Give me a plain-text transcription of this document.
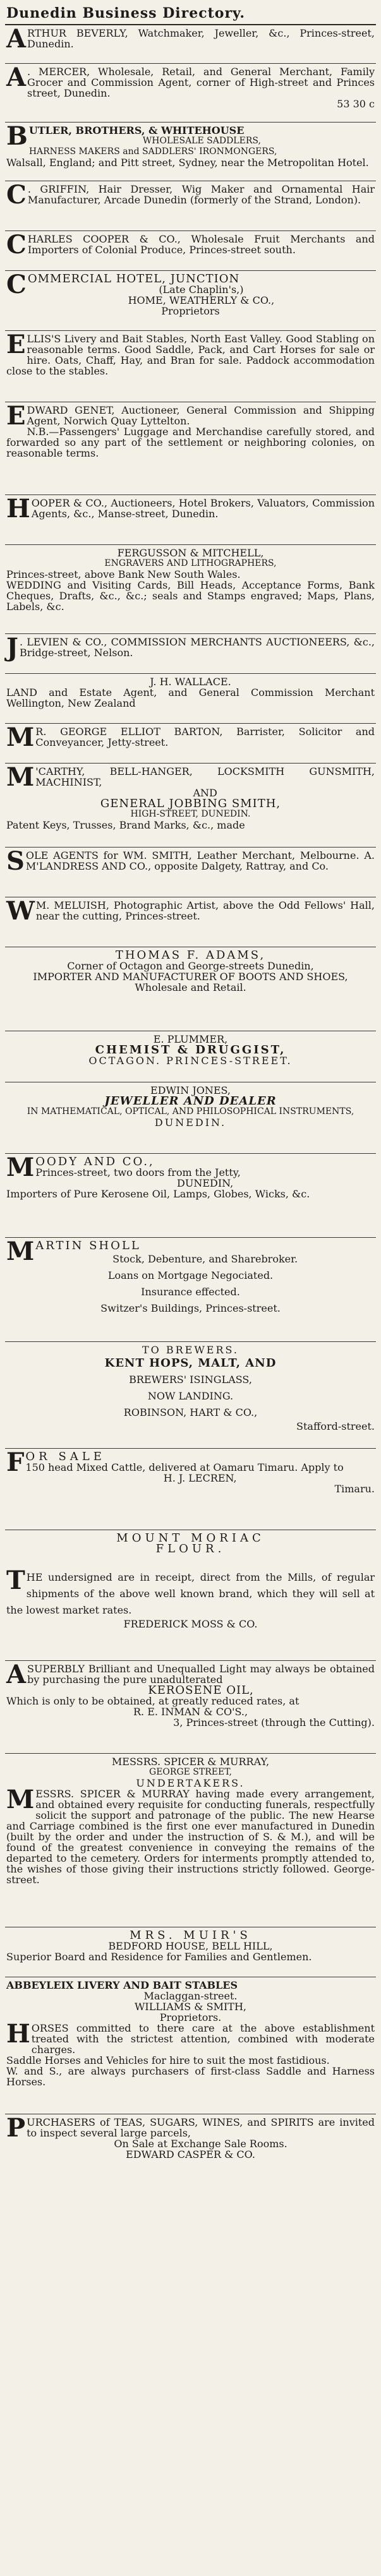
Dunedin Business Directory.
A RTHUR BEVERLY, Watchmaker, Jeweller, &c., Princes-street, Dunedin.

A . MERCER, Wholesale, Retail, and General Merchant, Family Grocer and Commission Agent, corner of High-street and Princes street, Dunedin.

53 30 c

B UTLER, BROTHERS, & WHITEHOUSE

WHOLESALE SADDLERS,

HARNESS MAKERS and SADDLERS' IRONMONGERS,

Walsall, England; and Pitt street, Sydney, near the Metropolitan Hotel.

C . GRIFFIN, Hair Dresser, Wig Maker and Ornamental Hair Manufacturer, Arcade Dunedin (formerly of the Strand, London).

C HARLES COOPER & CO., Wholesale Fruit Merchants and Importers of Colonial Produce, Princes-street south.

C OMMERCIAL HOTEL, JUNCTION

(Late Chaplin's,)

HOME, WEATHERLY & CO.,

Proprietors

E LLIS'S Livery and Bait Stables, North East Valley. Good Stabling on reasonable terms. Good Saddle, Pack, and Cart Horses for sale or hire. Oats, Chaff, Hay, and Bran for sale. Paddock accommodation close to the stables.

E DWARD GENET, Auctioneer, General Commission and Shipping Agent, Norwich Quay Lyttelton.

N.B.—Passengers' Luggage and Merchandise carefully stored, and forwarded so any part of the settlement or neighboring colonies, on reasonable terms.

H OOPER & CO., Auctioneers, Hotel Brokers, Valuators, Commission Agents, &c., Manse-street, Dunedin.

FERGUSSON & MITCHELL,

ENGRAVERS AND LITHOGRAPHERS,

Princes-street, above Bank New South Wales.

WEDDING and Visiting Cards, Bill Heads, Acceptance Forms, Bank Cheques, Drafts, &c., &c.; seals and Stamps engraved; Maps, Plans, Labels, &c.

J . LEVIEN & CO., COMMISSION MERCHANTS AUCTIONEERS, &c., Bridge-street, Nelson.

J. H. WALLACE.

LAND and Estate Agent, and General Commission Merchant Wellington, New Zealand

M R. GEORGE ELLIOT BARTON, Barrister, Solicitor and Conveyancer, Jetty-street.

M 'CARTHY, BELL-HANGER, LOCKSMITH GUNSMITH, MACHINIST,

AND

GENERAL JOBBING SMITH,

HIGH-STREET, DUNEDIN.

Patent Keys, Trusses, Brand Marks, &c., made

S OLE AGENTS for WM. SMITH, Leather Merchant, Melbourne. A. M'LANDRESS AND CO., opposite Dalgety, Rattray, and Co.

W M. MELUISH, Photographic Artist, above the Odd Fellows' Hall, near the cutting, Princes-street.

THOMAS F. ADAMS,

Corner of Octagon and George-streets Dunedin,

IMPORTER AND MANUFACTURER OF BOOTS AND SHOES,

Wholesale and Retail.

E. PLUMMER,

CHEMIST & DRUGGIST,

OCTAGON. PRINCES-STREET.

EDWIN JONES,

JEWELLER AND DEALER

IN MATHEMATICAL, OPTICAL, AND PHILOSOPHICAL INSTRUMENTS,

DUNEDIN.

M OODY AND CO.,

Princes-street, two doors from the Jetty,

DUNEDIN,

Importers of Pure Kerosene Oil, Lamps, Globes, Wicks, &c.

M ARTIN SHOLL

Stock, Debenture, and Sharebroker.

Loans on Mortgage Negociated.

Insurance effected.

Switzer's Buildings, Princes-street.

TO BREWERS.

KENT HOPS, MALT, AND

BREWERS' ISINGLASS,

NOW LANDING.

ROBINSON, HART & CO.,

Stafford-street.

F OR SALE

150 head Mixed Cattle, delivered at Oamaru Timaru. Apply to

H. J. LECREN,

Timaru.

MOUNT MORIAC

FLOUR.

T HE undersigned are in receipt, direct from the Mills, of regular shipments of the above well known brand, which they will sell at the lowest market rates.

FREDERICK MOSS & CO.

A SUPERBLY Brilliant and Unequalled Light may always be obtained by purchasing the pure unadulterated

KEROSENE OIL,

Which is only to be obtained, at greatly reduced rates, at

R. E. INMAN & CO'S.,

3, Princes-street (through the Cutting).

MESSRS. SPICER & MURRAY,

GEORGE STREET,

UNDERTAKERS.

M ESSRS. SPICER & MURRAY having made every arrangement, and obtained every requisite for conducting funerals, respectfully solicit the support and patronage of the public. The new Hearse and Carriage combined is the first one ever manufactured in Dunedin (built by the order and under the instruction of S. & M.), and will be found of the greatest convenience in conveying the remains of the departed to the cemetery. Orders for interments promptly attended to, the wishes of those giving their instructions strictly followed. George-street.

MRS. MUIR'S

BEDFORD HOUSE, BELL HILL,

Superior Board and Residence for Families and Gentlemen.

ABBEYLEIX LIVERY AND BAIT STABLES

Maclaggan-street.

WILLIAMS & SMITH,

Proprietors.

H ORSES committed to there care at the above establishment treated with the strictest attention, combined with moderate charges.

Saddle Horses and Vehicles for hire to suit the most fastidious.

W. and S., are always purchasers of first-class Saddle and Harness Horses.

P URCHASERS of TEAS, SUGARS, WINES, and SPIRITS are invited to inspect several large parcels,

On Sale at Exchange Sale Rooms.

EDWARD CASPER & CO.
